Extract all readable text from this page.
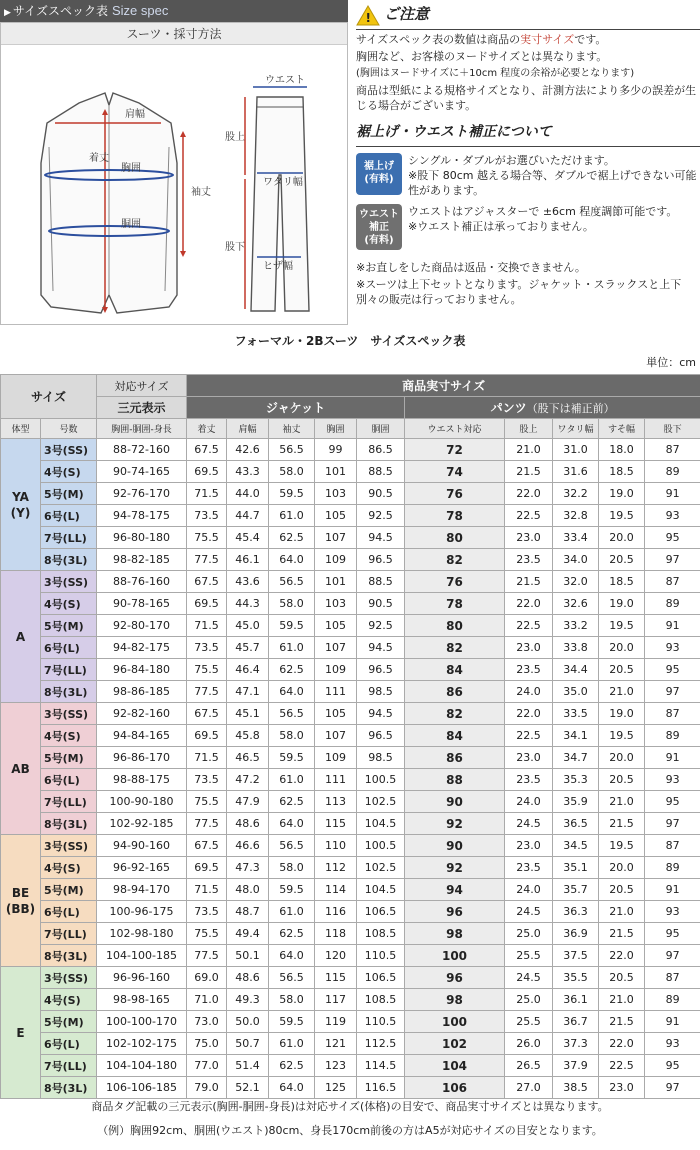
▶ サイズスペック表 Size spec
スーツ・採寸方法
着丈
肩幅
胸囲
胴囲
袖丈
ウエスト
股上
ワタリ幅
股下
ヒザ幅
! ご注意

サイズスペック表の数値は商品の実寸サイズです。

胸囲など、お客様のヌードサイズとは異なります。

(胸囲はヌードサイズに＋10cm 程度の余裕が必要となります)

商品は型紙による規格サイズとなり、計測方法により多少の誤差が生じる場合がございます。

裾上げ・ウエスト補正について
裾上げ
(有料)
シングル・ダブルがお選びいただけます。
※股下 80cm 越える場合等、ダブルで裾上げできない可能性があります。
ウエスト
補正
(有料)
ウエストはアジャスターで ±6cm 程度調節可能です。
※ウエスト補正は承っておりません。

※お直しをした商品は返品・交換できません。

※スーツは上下セットとなります。ジャケット・スラックスと上下別々の販売は行っておりません。

フォーマル・2Bスーツ　サイズスペック表
単位：cm
サイズ		対応サイズ	商品実寸サイズ									
		三元表示	ジャケット					パンツ（股下は補正前）				
体型	号数	胸囲-胴囲-身長	着丈	肩幅	袖丈	胸囲	胴囲	ウエスト対応	股上	ワタリ幅	すそ幅	股下
YA
(Y)	3号(SS)	88-72-160	67.5	42.6	56.5	99	86.5	72	21.0	31.0	18.0	87
	4号(S)	90-74-165	69.5	43.3	58.0	101	88.5	74	21.5	31.6	18.5	89
	5号(M)	92-76-170	71.5	44.0	59.5	103	90.5	76	22.0	32.2	19.0	91
	6号(L)	94-78-175	73.5	44.7	61.0	105	92.5	78	22.5	32.8	19.5	93
	7号(LL)	96-80-180	75.5	45.4	62.5	107	94.5	80	23.0	33.4	20.0	95
	8号(3L)	98-82-185	77.5	46.1	64.0	109	96.5	82	23.5	34.0	20.5	97
A	3号(SS)	88-76-160	67.5	43.6	56.5	101	88.5	76	21.5	32.0	18.5	87
	4号(S)	90-78-165	69.5	44.3	58.0	103	90.5	78	22.0	32.6	19.0	89
	5号(M)	92-80-170	71.5	45.0	59.5	105	92.5	80	22.5	33.2	19.5	91
	6号(L)	94-82-175	73.5	45.7	61.0	107	94.5	82	23.0	33.8	20.0	93
	7号(LL)	96-84-180	75.5	46.4	62.5	109	96.5	84	23.5	34.4	20.5	95
	8号(3L)	98-86-185	77.5	47.1	64.0	111	98.5	86	24.0	35.0	21.0	97
AB	3号(SS)	92-82-160	67.5	45.1	56.5	105	94.5	82	22.0	33.5	19.0	87
	4号(S)	94-84-165	69.5	45.8	58.0	107	96.5	84	22.5	34.1	19.5	89
	5号(M)	96-86-170	71.5	46.5	59.5	109	98.5	86	23.0	34.7	20.0	91
	6号(L)	98-88-175	73.5	47.2	61.0	111	100.5	88	23.5	35.3	20.5	93
	7号(LL)	100-90-180	75.5	47.9	62.5	113	102.5	90	24.0	35.9	21.0	95
	8号(3L)	102-92-185	77.5	48.6	64.0	115	104.5	92	24.5	36.5	21.5	97
BE
(BB)	3号(SS)	94-90-160	67.5	46.6	56.5	110	100.5	90	23.0	34.5	19.5	87
	4号(S)	96-92-165	69.5	47.3	58.0	112	102.5	92	23.5	35.1	20.0	89
	5号(M)	98-94-170	71.5	48.0	59.5	114	104.5	94	24.0	35.7	20.5	91
	6号(L)	100-96-175	73.5	48.7	61.0	116	106.5	96	24.5	36.3	21.0	93
	7号(LL)	102-98-180	75.5	49.4	62.5	118	108.5	98	25.0	36.9	21.5	95
	8号(3L)	104-100-185	77.5	50.1	64.0	120	110.5	100	25.5	37.5	22.0	97
E	3号(SS)	96-96-160	69.0	48.6	56.5	115	106.5	96	24.5	35.5	20.5	87
	4号(S)	98-98-165	71.0	49.3	58.0	117	108.5	98	25.0	36.1	21.0	89
	5号(M)	100-100-170	73.0	50.0	59.5	119	110.5	100	25.5	36.7	21.5	91
	6号(L)	102-102-175	75.0	50.7	61.0	121	112.5	102	26.0	37.3	22.0	93
	7号(LL)	104-104-180	77.0	51.4	62.5	123	114.5	104	26.5	37.9	22.5	95
	8号(3L)	106-106-185	79.0	52.1	64.0	125	116.5	106	27.0	38.5	23.0	97
商品タグ記載の三元表示(胸囲-胴囲-身長)は対応サイズ(体格)の目安で、商品実寸サイズとは異なります。
（例）胸囲92cm、胴囲(ウエスト)80cm、身長170cm前後の方はA5が対応サイズの目安となります。
